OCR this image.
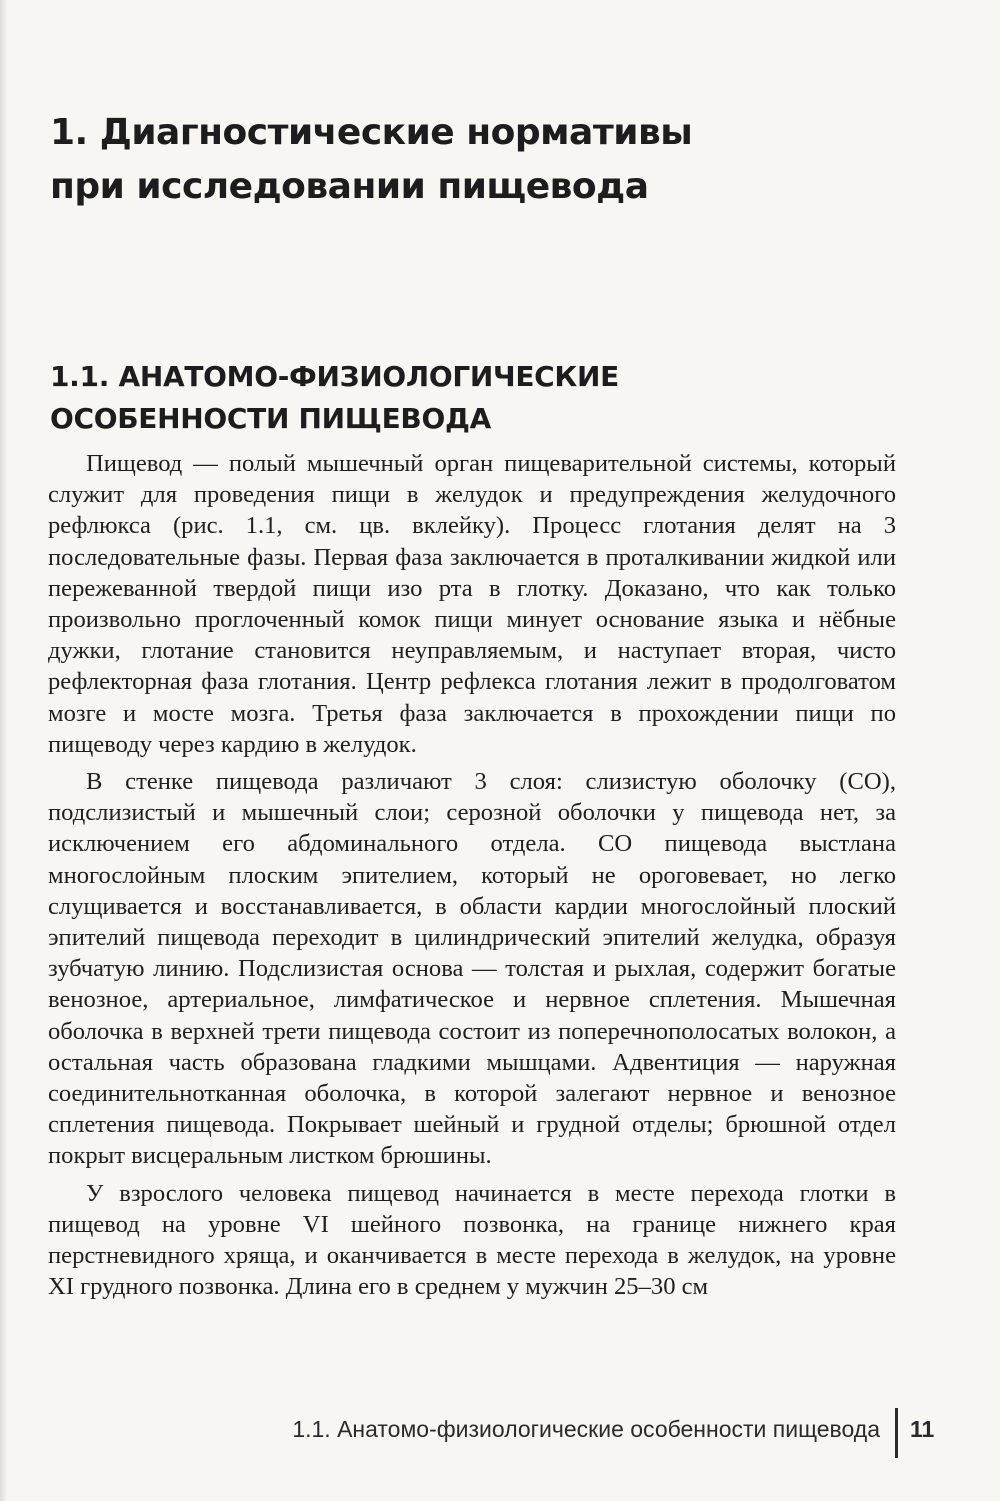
1. Диагностические нормативы
при исследовании пищевода
1.1. АНАТОМО-ФИЗИОЛОГИЧЕСКИЕ
ОСОБЕННОСТИ ПИЩЕВОДА

Пищевод — полый мышечный орган пищеварительной системы, который служит для проведения пищи в желудок и предупреждения желудочного рефлюкса (рис. 1.1, см. цв. вклейку). Процесс глотания делят на 3 последовательные фазы. Первая фаза заключается в проталкивании жидкой или пережеванной твердой пищи изо рта в глотку. Доказано, что как только произвольно проглоченный комок пищи минует основание языка и нёбные дужки, глотание становится неуправляемым, и наступает вторая, чисто рефлекторная фаза глотания. Центр рефлекса глотания лежит в продолговатом мозге и мосте мозга. Третья фаза заключается в прохождении пищи по пищеводу через кардию в желудок.

В стенке пищевода различают 3 слоя: слизистую оболочку (СО), подслизистый и мышечный слои; серозной оболочки у пищевода нет, за исключением его абдоминального отдела. СО пищевода выстлана многослойным плоским эпителием, который не ороговевает, но легко слущивается и восстанавливается, в области кардии многослойный плоский эпителий пищевода переходит в цилиндрический эпителий желудка, образуя зубчатую линию. Подслизистая основа — толстая и рыхлая, содержит богатые венозное, артериальное, лимфатическое и нервное сплетения. Мышечная оболочка в верхней трети пищевода состоит из поперечнополосатых волокон, а остальная часть образована гладкими мышцами. Адвентиция — наружная соединительнотканная оболочка, в которой залегают нервное и венозное сплетения пищевода. Покрывает шейный и грудной отделы; брюшной отдел покрыт висцеральным листком брюшины.

У взрослого человека пищевод начинается в месте перехода глотки в пищевод на уровне VI шейного позвонка, на границе нижнего края перстневидного хряща, и оканчивается в месте перехода в желудок, на уровне XI грудного позвонка. Длина его в среднем у мужчин 25–30 см

1.1. Анатомо-физиологические особенности пищевода 11
